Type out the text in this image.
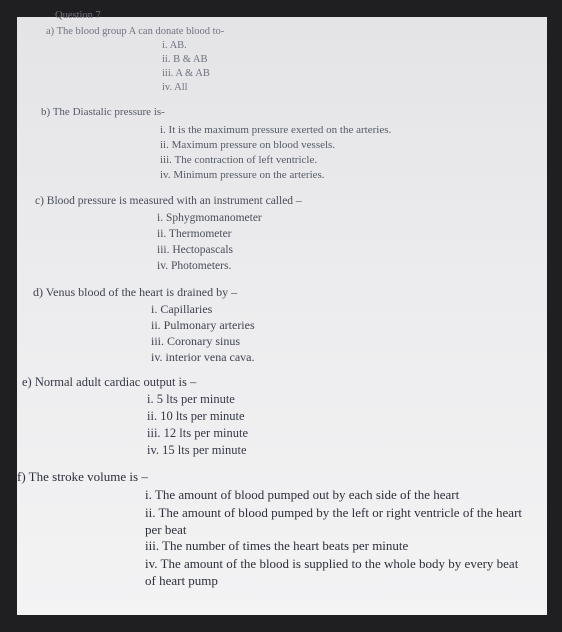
Question 7
a) The blood group A can donate blood to-
i. AB.
ii. B & AB
iii. A & AB
iv. All
b) The Diastalic pressure is-
i. It is the maximum pressure exerted on the arteries.
ii. Maximum pressure on blood vessels.
iii. The contraction of left ventricle.
iv. Minimum pressure on the arteries.
c) Blood pressure is measured with an instrument called –
i. Sphygmomanometer
ii. Thermometer
iii. Hectopascals
iv. Photometers.
d) Venus blood of the heart is drained by –
i. Capillaries
ii. Pulmonary arteries
iii. Coronary sinus
iv. interior vena cava.
e) Normal adult cardiac output is –
i. 5 lts per minute
ii. 10 lts per minute
iii. 12 lts per minute
iv. 15 lts per minute
f) The stroke volume is –
i. The amount of blood pumped out by each side of the heart
ii. The amount of blood pumped by the left or right ventricle of the heart per beat
iii. The number of times the heart beats per minute
iv. The amount of the blood is supplied to the whole body by every beat of heart pump
